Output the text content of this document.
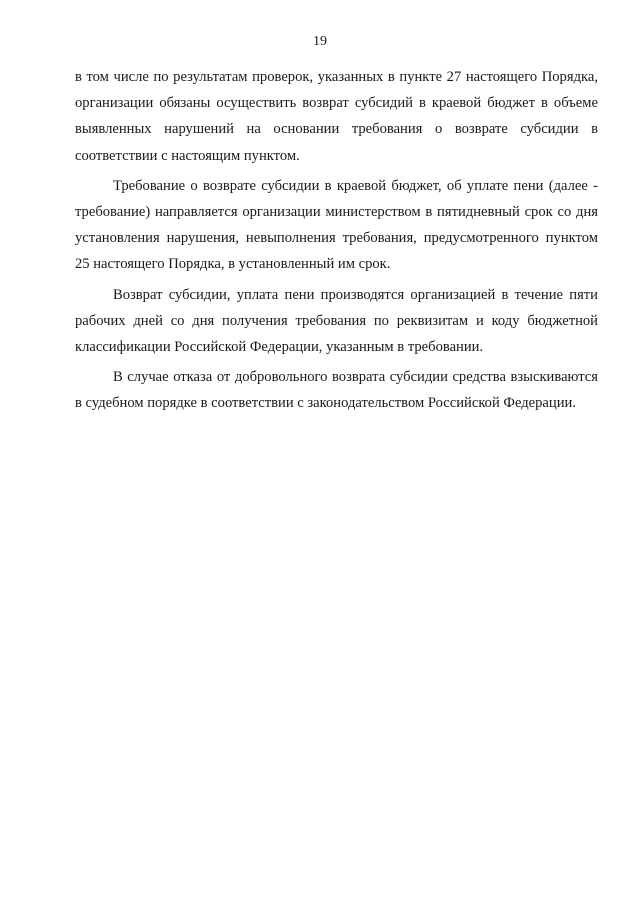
19

в том числе по результатам проверок, указанных в пункте 27 настоящего Порядка, организации обязаны осуществить возврат субсидий в краевой бюджет в объеме выявленных нарушений на основании требования о возврате субсидии в соответствии с настоящим пунктом.

Требование о возврате субсидии в краевой бюджет, об уплате пени (далее - требование) направляется организации министерством в пятидневный срок со дня установления нарушения, невыполнения требования, предусмотренного пунктом 25 настоящего Порядка, в установленный им срок.

Возврат субсидии, уплата пени производятся организацией в течение пяти рабочих дней со дня получения требования по реквизитам и коду бюджетной классификации Российской Федерации, указанным в требовании.

В случае отказа от добровольного возврата субсидии средства взыскиваются в судебном порядке в соответствии с законодательством Российской Федерации.
